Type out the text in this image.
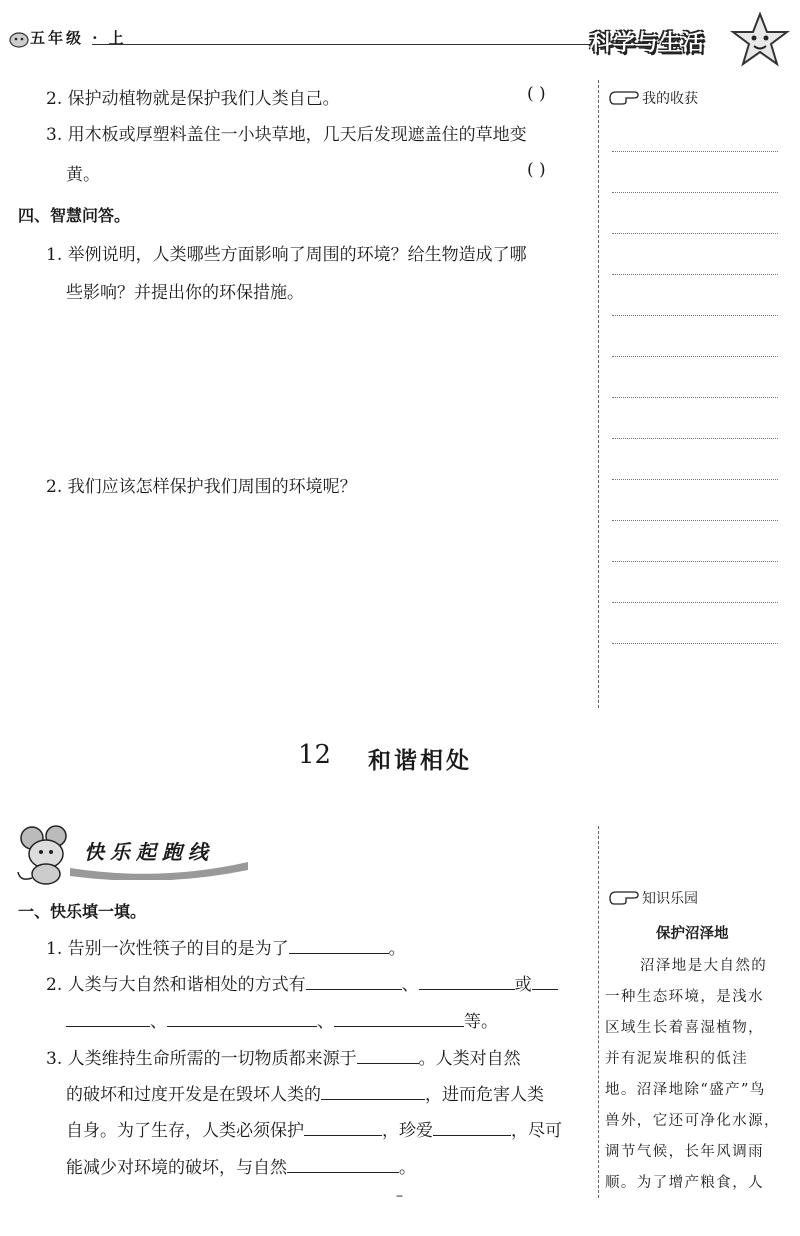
五年级 · 上	科学与生活
2. 保护动植物就是保护我们人类自己。	( )
3. 用木板或厚塑料盖住一小块草地，几天后发现遮盖住的草地变
黄。	( )
四、智慧问答。
1. 举例说明，人类哪些方面影响了周围的环境？给生物造成了哪
些影响？并提出你的环保措施。
2. 我们应该怎样保护我们周围的环境呢？
我的收获
12 和谐相处
快乐起跑线
一、快乐填一填。
1. 告别一次性筷子的目的是为了	。
2. 人类与大自然和谐相处的方式有	、	或
、	、	等。
3. 人类维持生命所需的一切物质都来源于	。人类对自然
的破坏和过度开发是在毁坏人类的	，进而危害人类
自身。为了生存，人类必须保护	，珍爱	，尽可
能减少对环境的破坏，与自然	。
知识乐园
保护沼泽地
沼泽地是大自然的
一种生态环境，是浅水
区域生长着喜湿植物，
并有泥炭堆积的低洼
地。沼泽地除“盛产”鸟
兽外，它还可净化水源，
调节气候，长年风调雨
顺。为了增产粮食，人
–
